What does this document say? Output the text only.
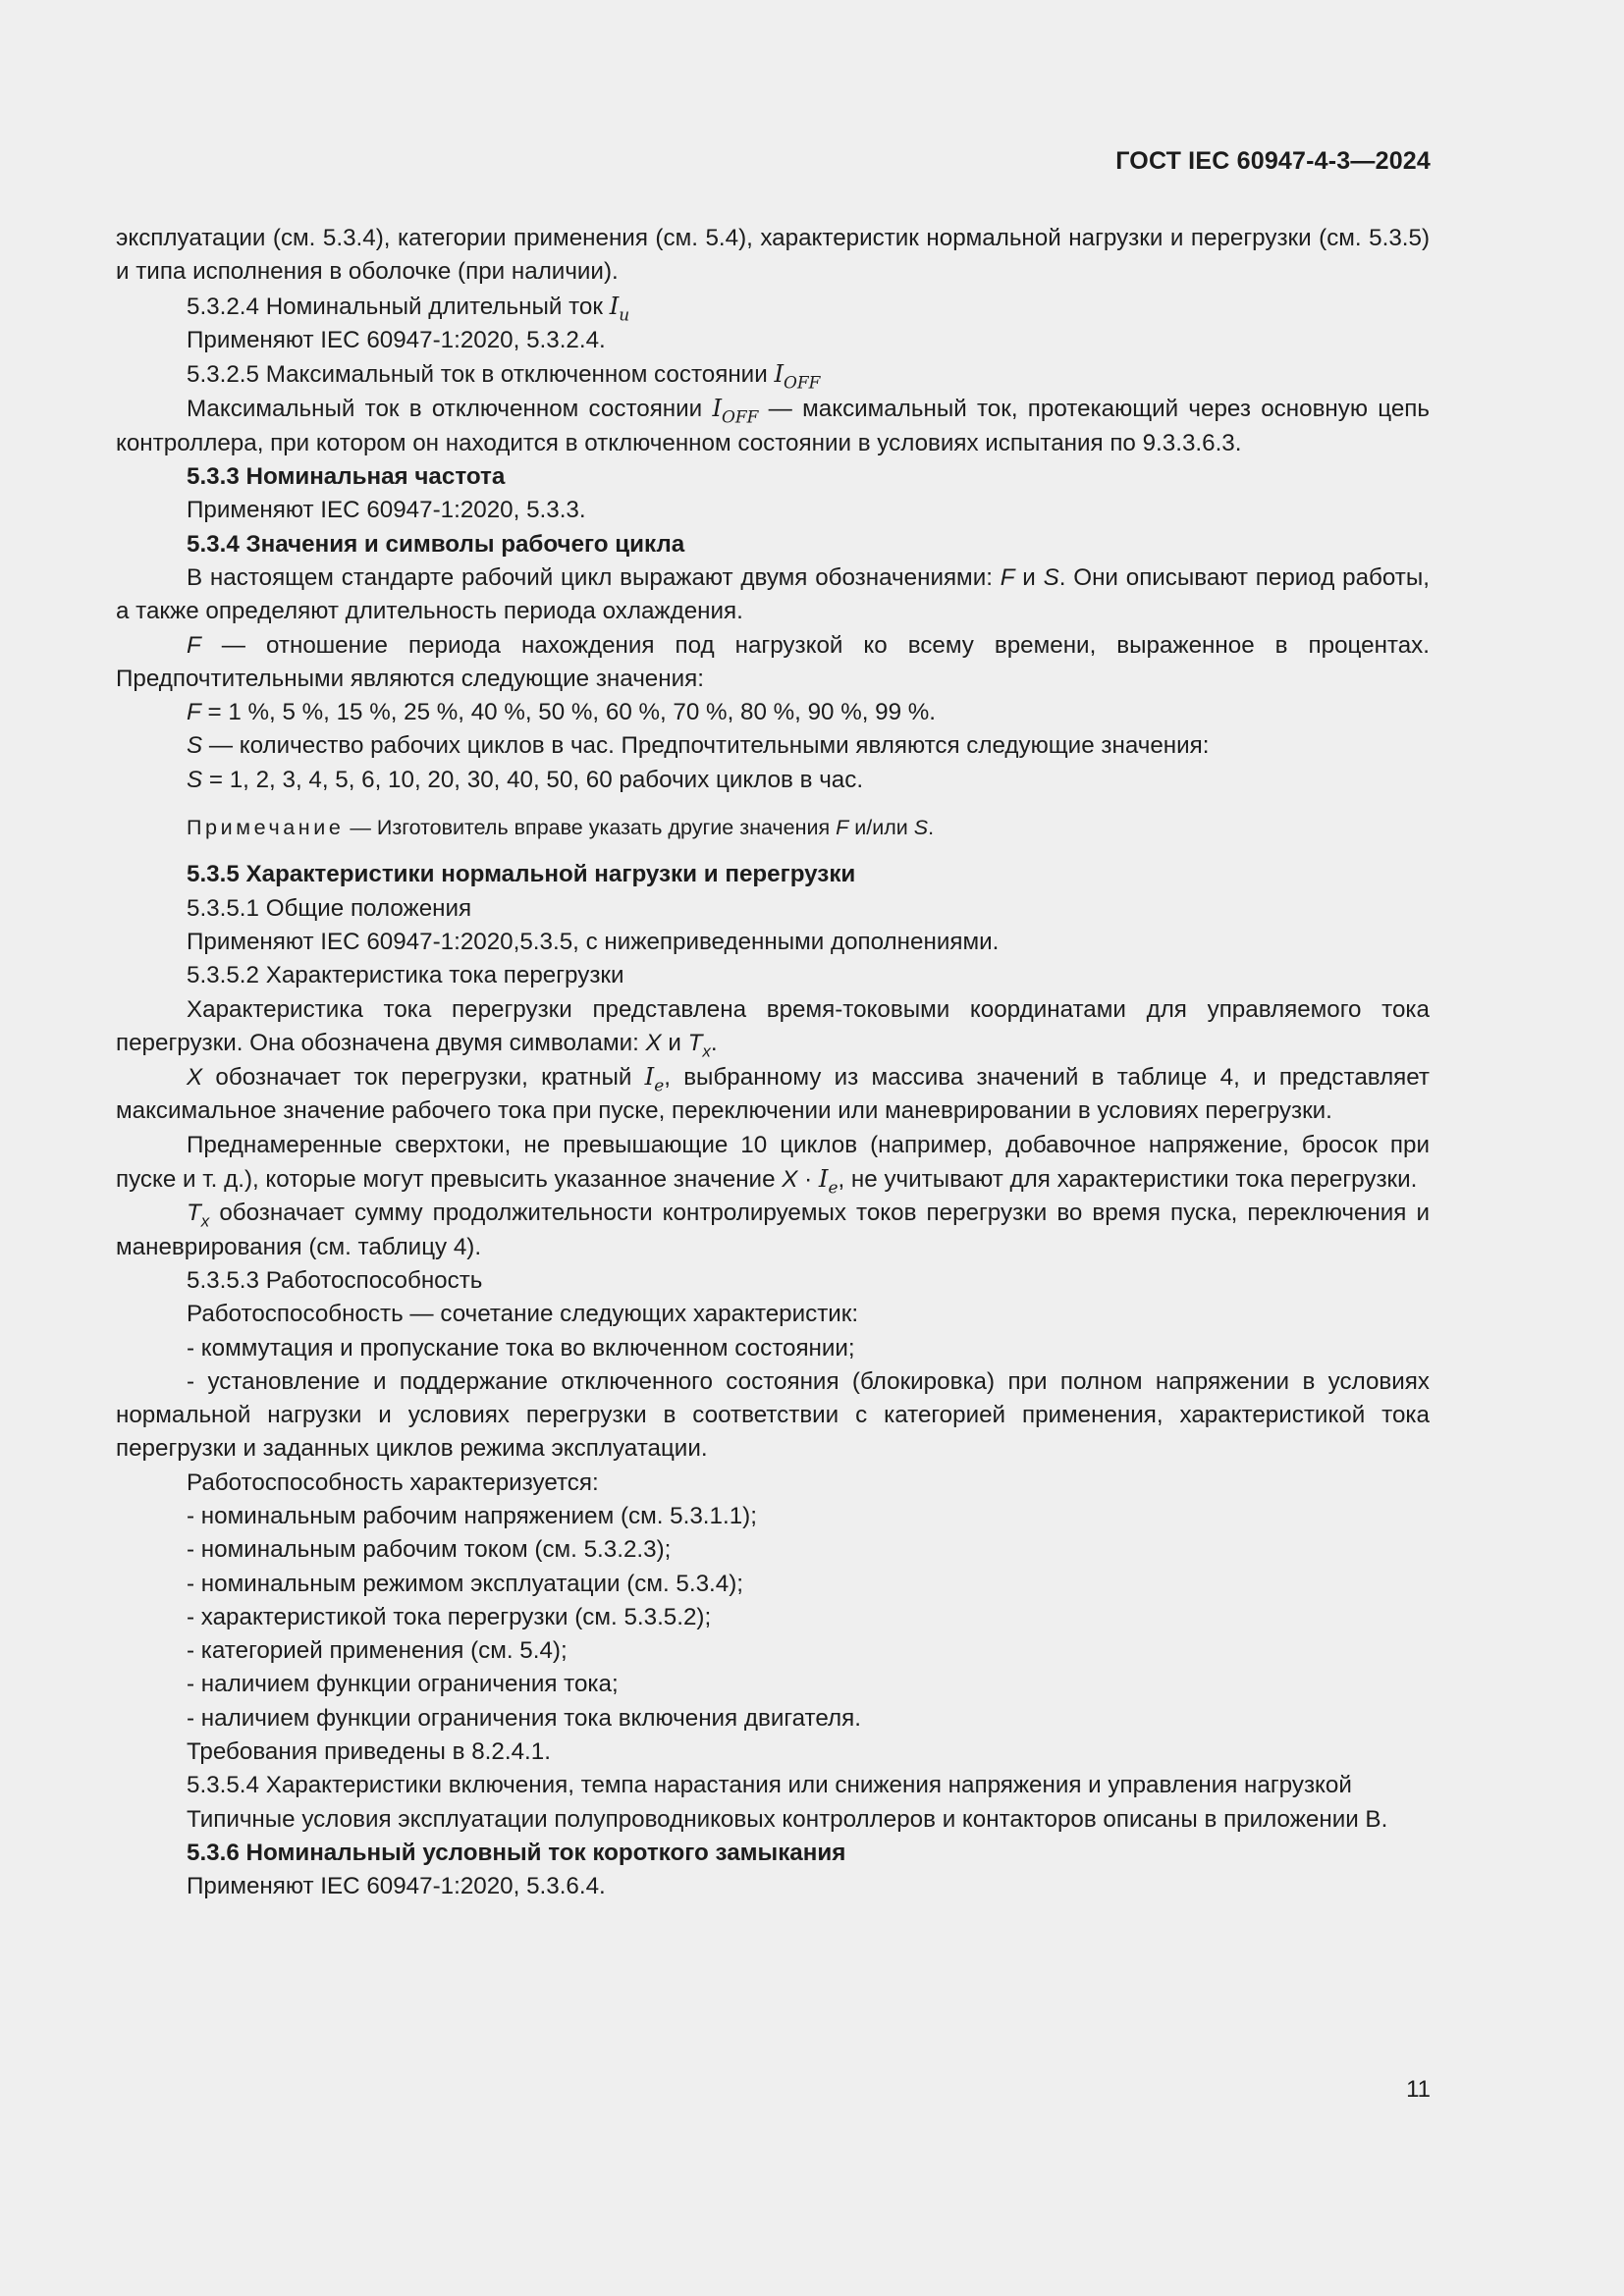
ГОСТ IEC 60947-4-3—2024

эксплуатации (см. 5.3.4), категории применения (см. 5.4), характеристик нормальной нагрузки и перегрузки (см. 5.3.5) и типа исполнения в оболочке (при наличии).

5.3.2.4 Номинальный длительный ток $I_u$

Применяют IEC 60947-1:2020, 5.3.2.4.

5.3.2.5 Максимальный ток в отключенном состоянии $I_{OFF}$

Максимальный ток в отключенном состоянии $I_{OFF}$ — максимальный ток, протекающий через основную цепь контроллера, при котором он находится в отключенном состоянии в условиях испытания по 9.3.3.6.3.

5.3.3 Номинальная частота

Применяют IEC 60947-1:2020, 5.3.3.

5.3.4 Значения и символы рабочего цикла

В настоящем стандарте рабочий цикл выражают двумя обозначениями: F и S. Они описывают период работы, а также определяют длительность периода охлаждения.

F — отношение периода нахождения под нагрузкой ко всему времени, выраженное в процентах. Предпочтительными являются следующие значения:

F = 1 %, 5 %, 15 %, 25 %, 40 %, 50 %, 60 %, 70 %, 80 %, 90 %, 99 %.

S — количество рабочих циклов в час. Предпочтительными являются следующие значения:

S = 1, 2, 3, 4, 5, 6, 10, 20, 30, 40, 50, 60 рабочих циклов в час.

Примечание — Изготовитель вправе указать другие значения F и/или S.

5.3.5 Характеристики нормальной нагрузки и перегрузки

5.3.5.1 Общие положения

Применяют IEC 60947-1:2020,5.3.5, с нижеприведенными дополнениями.

5.3.5.2 Характеристика тока перегрузки

Характеристика тока перегрузки представлена время-токовыми координатами для управляемого тока перегрузки. Она обозначена двумя символами: X и $T_x$.

X обозначает ток перегрузки, кратный $I_e$, выбранному из массива значений в таблице 4, и представляет максимальное значение рабочего тока при пуске, переключении или маневрировании в условиях перегрузки.

Преднамеренные сверхтоки, не превышающие 10 циклов (например, добавочное напряжение, бросок при пуске и т. д.), которые могут превысить указанное значение $X \cdot I_e$, не учитывают для характеристики тока перегрузки.

$T_x$ обозначает сумму продолжительности контролируемых токов перегрузки во время пуска, переключения и маневрирования (см. таблицу 4).

5.3.5.3 Работоспособность

Работоспособность — сочетание следующих характеристик:

- коммутация и пропускание тока во включенном состоянии;

- установление и поддержание отключенного состояния (блокировка) при полном напряжении в условиях нормальной нагрузки и условиях перегрузки в соответствии с категорией применения, характеристикой тока перегрузки и заданных циклов режима эксплуатации.

Работоспособность характеризуется:

- номинальным рабочим напряжением (см. 5.3.1.1);

- номинальным рабочим током (см. 5.3.2.3);

- номинальным режимом эксплуатации (см. 5.3.4);

- характеристикой тока перегрузки (см. 5.3.5.2);

- категорией применения (см. 5.4);

- наличием функции ограничения тока;

- наличием функции ограничения тока включения двигателя.

Требования приведены в 8.2.4.1.

5.3.5.4 Характеристики включения, темпа нарастания или снижения напряжения и управления нагрузкой

Типичные условия эксплуатации полупроводниковых контроллеров и контакторов описаны в приложении В.

5.3.6 Номинальный условный ток короткого замыкания

Применяют IEC 60947-1:2020, 5.3.6.4.

11
